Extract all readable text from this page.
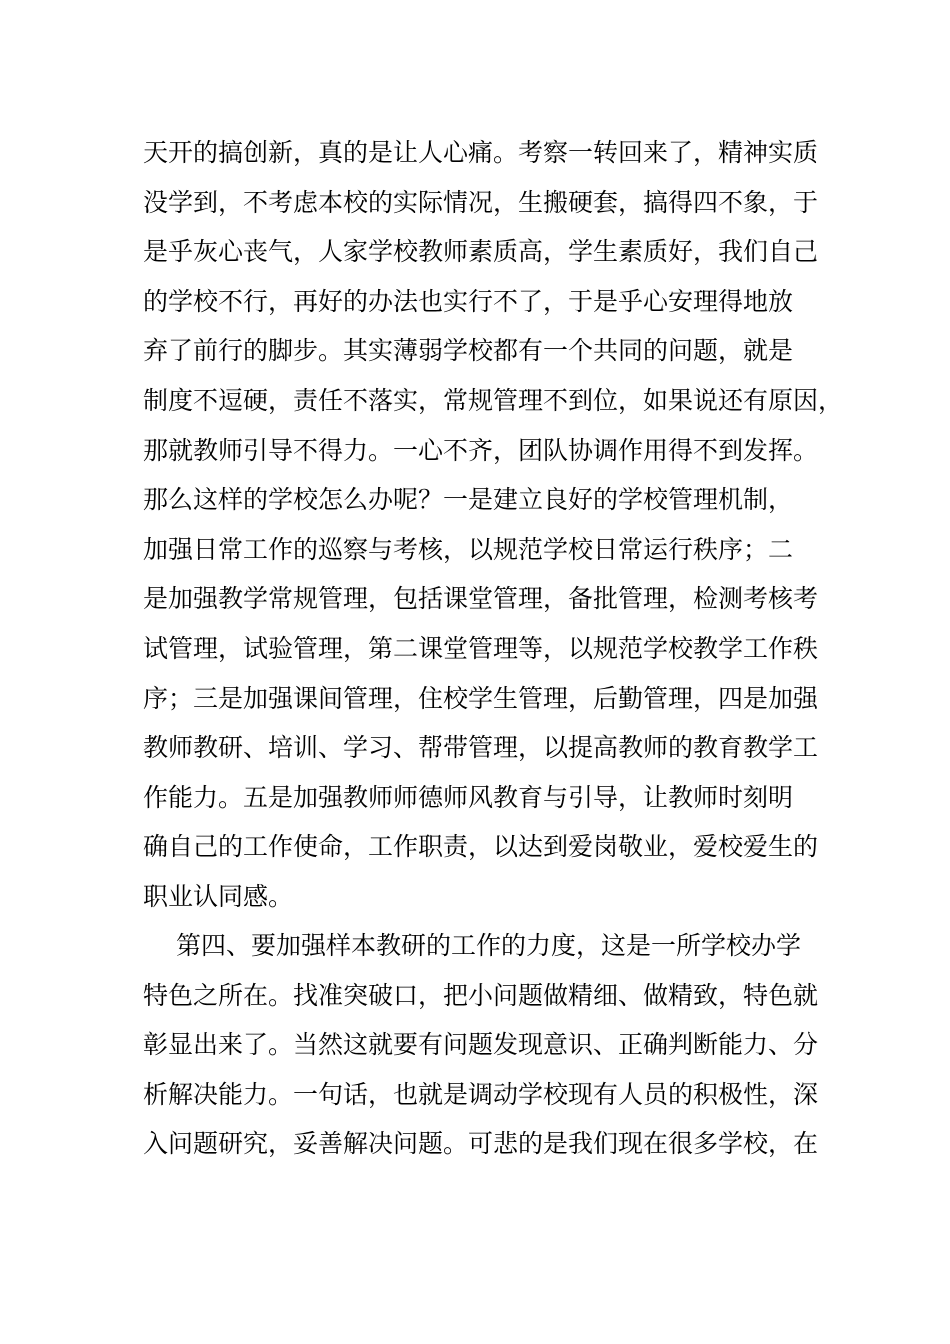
天开的搞创新，真的是让人心痛。考察一转回来了，精神实质
没学到，不考虑本校的实际情况，生搬硬套，搞得四不象，于
是乎灰心丧气，人家学校教师素质高，学生素质好，我们自己
的学校不行，再好的办法也实行不了，于是乎心安理得地放
弃了前行的脚步。其实薄弱学校都有一个共同的问题，就是
制度不逗硬，责任不落实，常规管理不到位，如果说还有原因，
那就教师引导不得力。一心不齐，团队协调作用得不到发挥。
那么这样的学校怎么办呢？一是建立良好的学校管理机制，
加强日常工作的巡察与考核，以规范学校日常运行秩序；二
是加强教学常规管理，包括课堂管理，备批管理，检测考核考
试管理，试验管理，第二课堂管理等，以规范学校教学工作秩
序；三是加强课间管理，住校学生管理，后勤管理，四是加强
教师教研、培训、学习、帮带管理，以提高教师的教育教学工
作能力。五是加强教师师德师风教育与引导，让教师时刻明
确自己的工作使命，工作职责，以达到爱岗敬业，爱校爱生的
职业认同感。
第四、要加强样本教研的工作的力度，这是一所学校办学
特色之所在。找准突破口，把小问题做精细、做精致，特色就
彰显出来了。当然这就要有问题发现意识、正确判断能力、分
析解决能力。一句话，也就是调动学校现有人员的积极性，深
入问题研究，妥善解决问题。可悲的是我们现在很多学校，在
